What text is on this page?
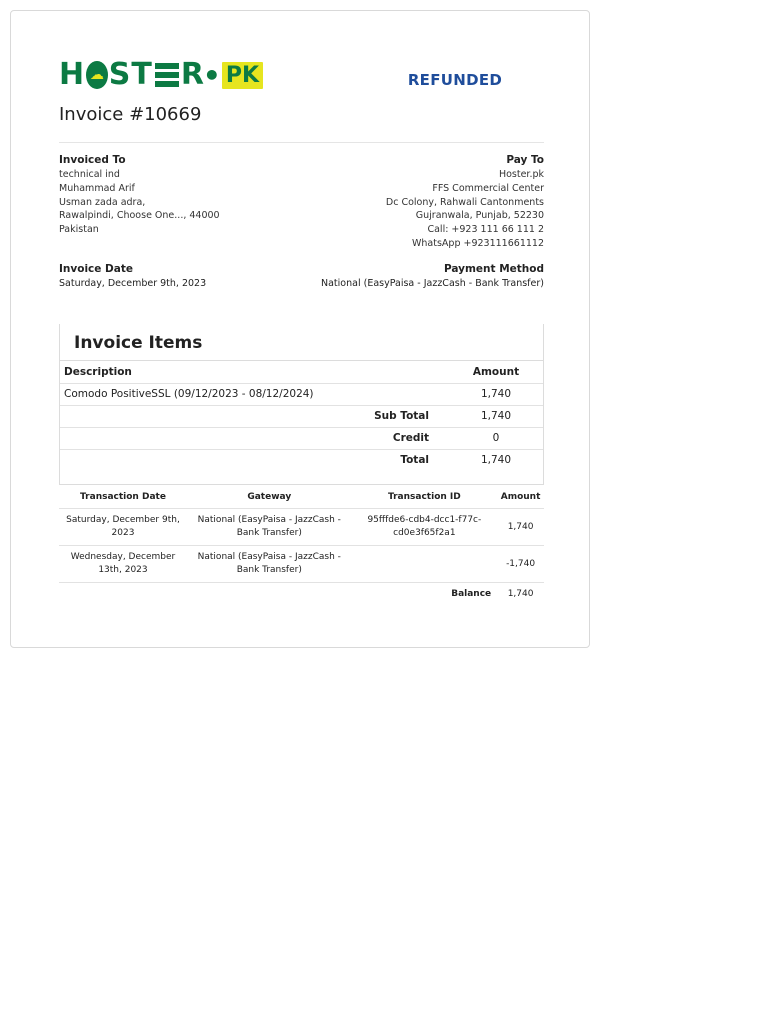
H ☁ ST R
• PK	REFUNDED
Invoice #10669
Invoiced To
technical ind
Muhammad Arif
Usman zada adra,
Rawalpindi, Choose One..., 44000
Pakistan
Pay To
Hoster.pk
FFS Commercial Center
Dc Colony, Rahwali Cantonments
Gujranwala, Punjab, 52230
Call: +923 111 66 111 2
WhatsApp +923111661112
Invoice Date
Saturday, December 9th, 2023
Payment Method
National (EasyPaisa - JazzCash - Bank Transfer)
Invoice Items
Description	Amount
Comodo PositiveSSL (09/12/2023 - 08/12/2024)	1,740
Sub Total	1,740
Credit	0
Total	1,740
Transaction Date	Gateway	Transaction ID	Amount
Saturday, December 9th, 2023	National (EasyPaisa - JazzCash - Bank Transfer)	95fffde6-cdb4-dcc1-f77c-cd0e3f65f2a1	1,740
Wednesday, December 13th, 2023	National (EasyPaisa - JazzCash - Bank Transfer)		-1,740
Balance			1,740
